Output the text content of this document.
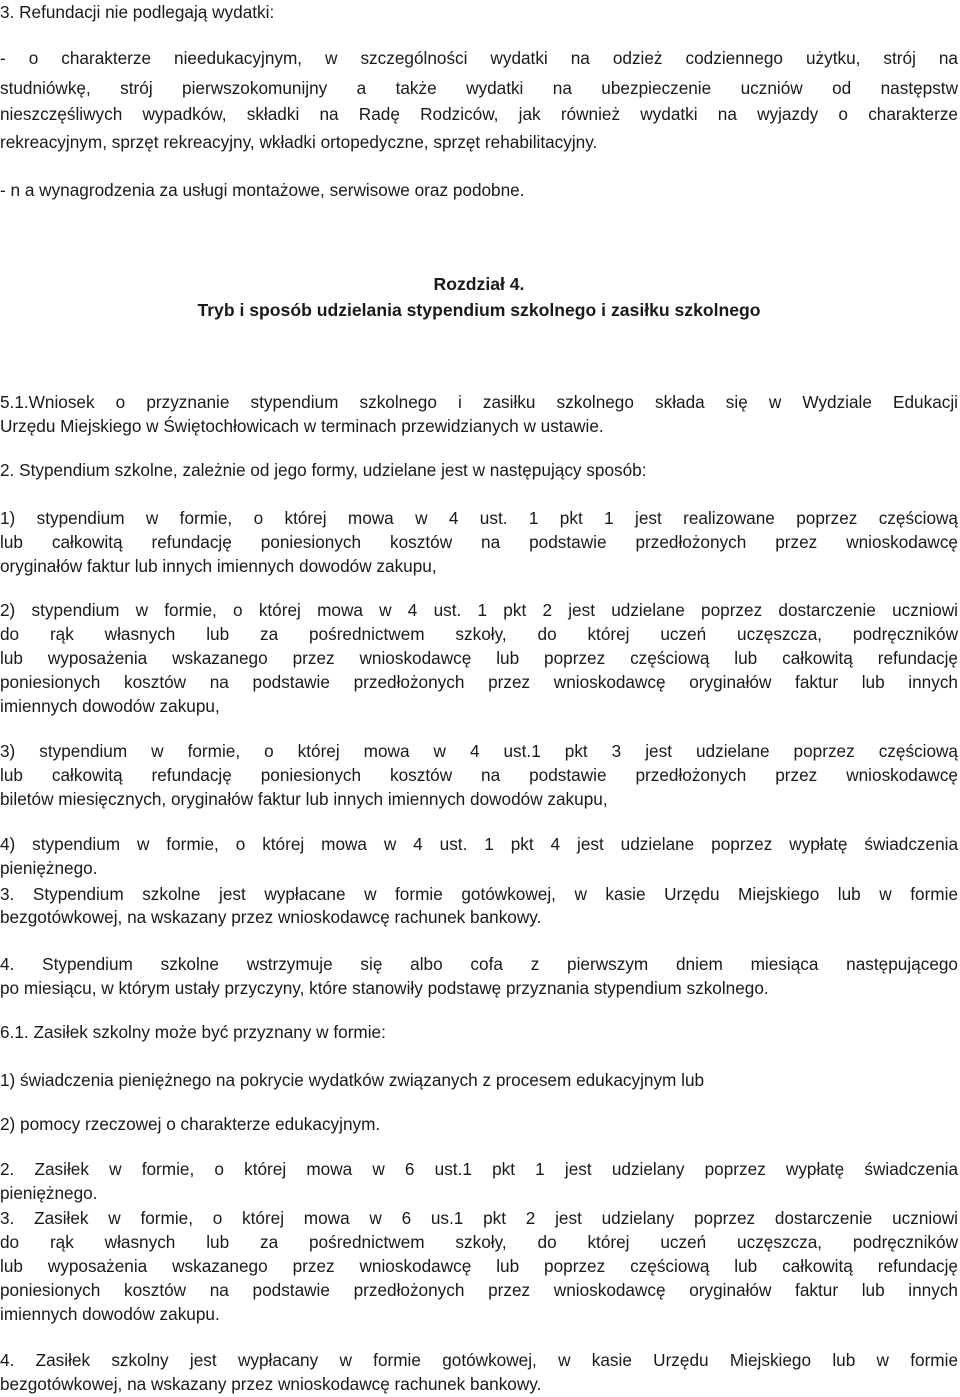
3. Refundacji nie podlegają wydatki:
- o charakterze nieedukacyjnym, w szczególności wydatki na odzież codziennego użytku, strój na
studniówkę, strój pierwszokomunijny a także wydatki na ubezpieczenie uczniów od następstw
nieszczęśliwych wypadków, składki na Radę Rodziców, jak również wydatki na wyjazdy o charakterze
rekreacyjnym, sprzęt rekreacyjny, wkładki ortopedyczne, sprzęt rehabilitacyjny.
- n a wynagrodzenia za usługi montażowe, serwisowe oraz podobne.
Rozdział 4.
Tryb i sposób udzielania stypendium szkolnego i zasiłku szkolnego
5.1.Wniosek o przyznanie stypendium szkolnego i zasiłku szkolnego składa się w Wydziale Edukacji
Urzędu Miejskiego w Świętochłowicach w terminach przewidzianych w ustawie.
2. Stypendium szkolne, zależnie od jego formy, udzielane jest w następujący sposób:
1) stypendium w formie, o której mowa w 4 ust. 1 pkt 1 jest realizowane poprzez częściową
lub całkowitą refundację poniesionych kosztów na podstawie przedłożonych przez wnioskodawcę
oryginałów faktur lub innych imiennych dowodów zakupu,
2) stypendium w formie, o której mowa w 4 ust. 1 pkt 2 jest udzielane poprzez dostarczenie uczniowi
do rąk własnych lub za pośrednictwem szkoły, do której uczeń uczęszcza, podręczników
lub wyposażenia wskazanego przez wnioskodawcę lub poprzez częściową lub całkowitą refundację
poniesionych kosztów na podstawie przedłożonych przez wnioskodawcę oryginałów faktur lub innych
imiennych dowodów zakupu,
3) stypendium w formie, o której mowa w 4 ust.1 pkt 3 jest udzielane poprzez częściową
lub całkowitą refundację poniesionych kosztów na podstawie przedłożonych przez wnioskodawcę
biletów miesięcznych, oryginałów faktur lub innych imiennych dowodów zakupu,
4) stypendium w formie, o której mowa w 4 ust. 1 pkt 4 jest udzielane poprzez wypłatę świadczenia
pieniężnego.
3. Stypendium szkolne jest wypłacane w formie gotówkowej, w kasie Urzędu Miejskiego lub w formie
bezgotówkowej, na wskazany przez wnioskodawcę rachunek bankowy.
4. Stypendium szkolne wstrzymuje się albo cofa z pierwszym dniem miesiąca następującego
po miesiącu, w którym ustały przyczyny, które stanowiły podstawę przyznania stypendium szkolnego.
6.1. Zasiłek szkolny może być przyznany w formie:
1) świadczenia pieniężnego na pokrycie wydatków związanych z procesem edukacyjnym lub
2) pomocy rzeczowej o charakterze edukacyjnym.
2. Zasiłek w formie, o której mowa w 6 ust.1 pkt 1 jest udzielany poprzez wypłatę świadczenia
pieniężnego.
3. Zasiłek w formie, o której mowa w 6 us.1 pkt 2 jest udzielany poprzez dostarczenie uczniowi
do rąk własnych lub za pośrednictwem szkoły, do której uczeń uczęszcza, podręczników
lub wyposażenia wskazanego przez wnioskodawcę lub poprzez częściową lub całkowitą refundację
poniesionych kosztów na podstawie przedłożonych przez wnioskodawcę oryginałów faktur lub innych
imiennych dowodów zakupu.
4. Zasiłek szkolny jest wypłacany w formie gotówkowej, w kasie Urzędu Miejskiego lub w formie
bezgotówkowej, na wskazany przez wnioskodawcę rachunek bankowy.
